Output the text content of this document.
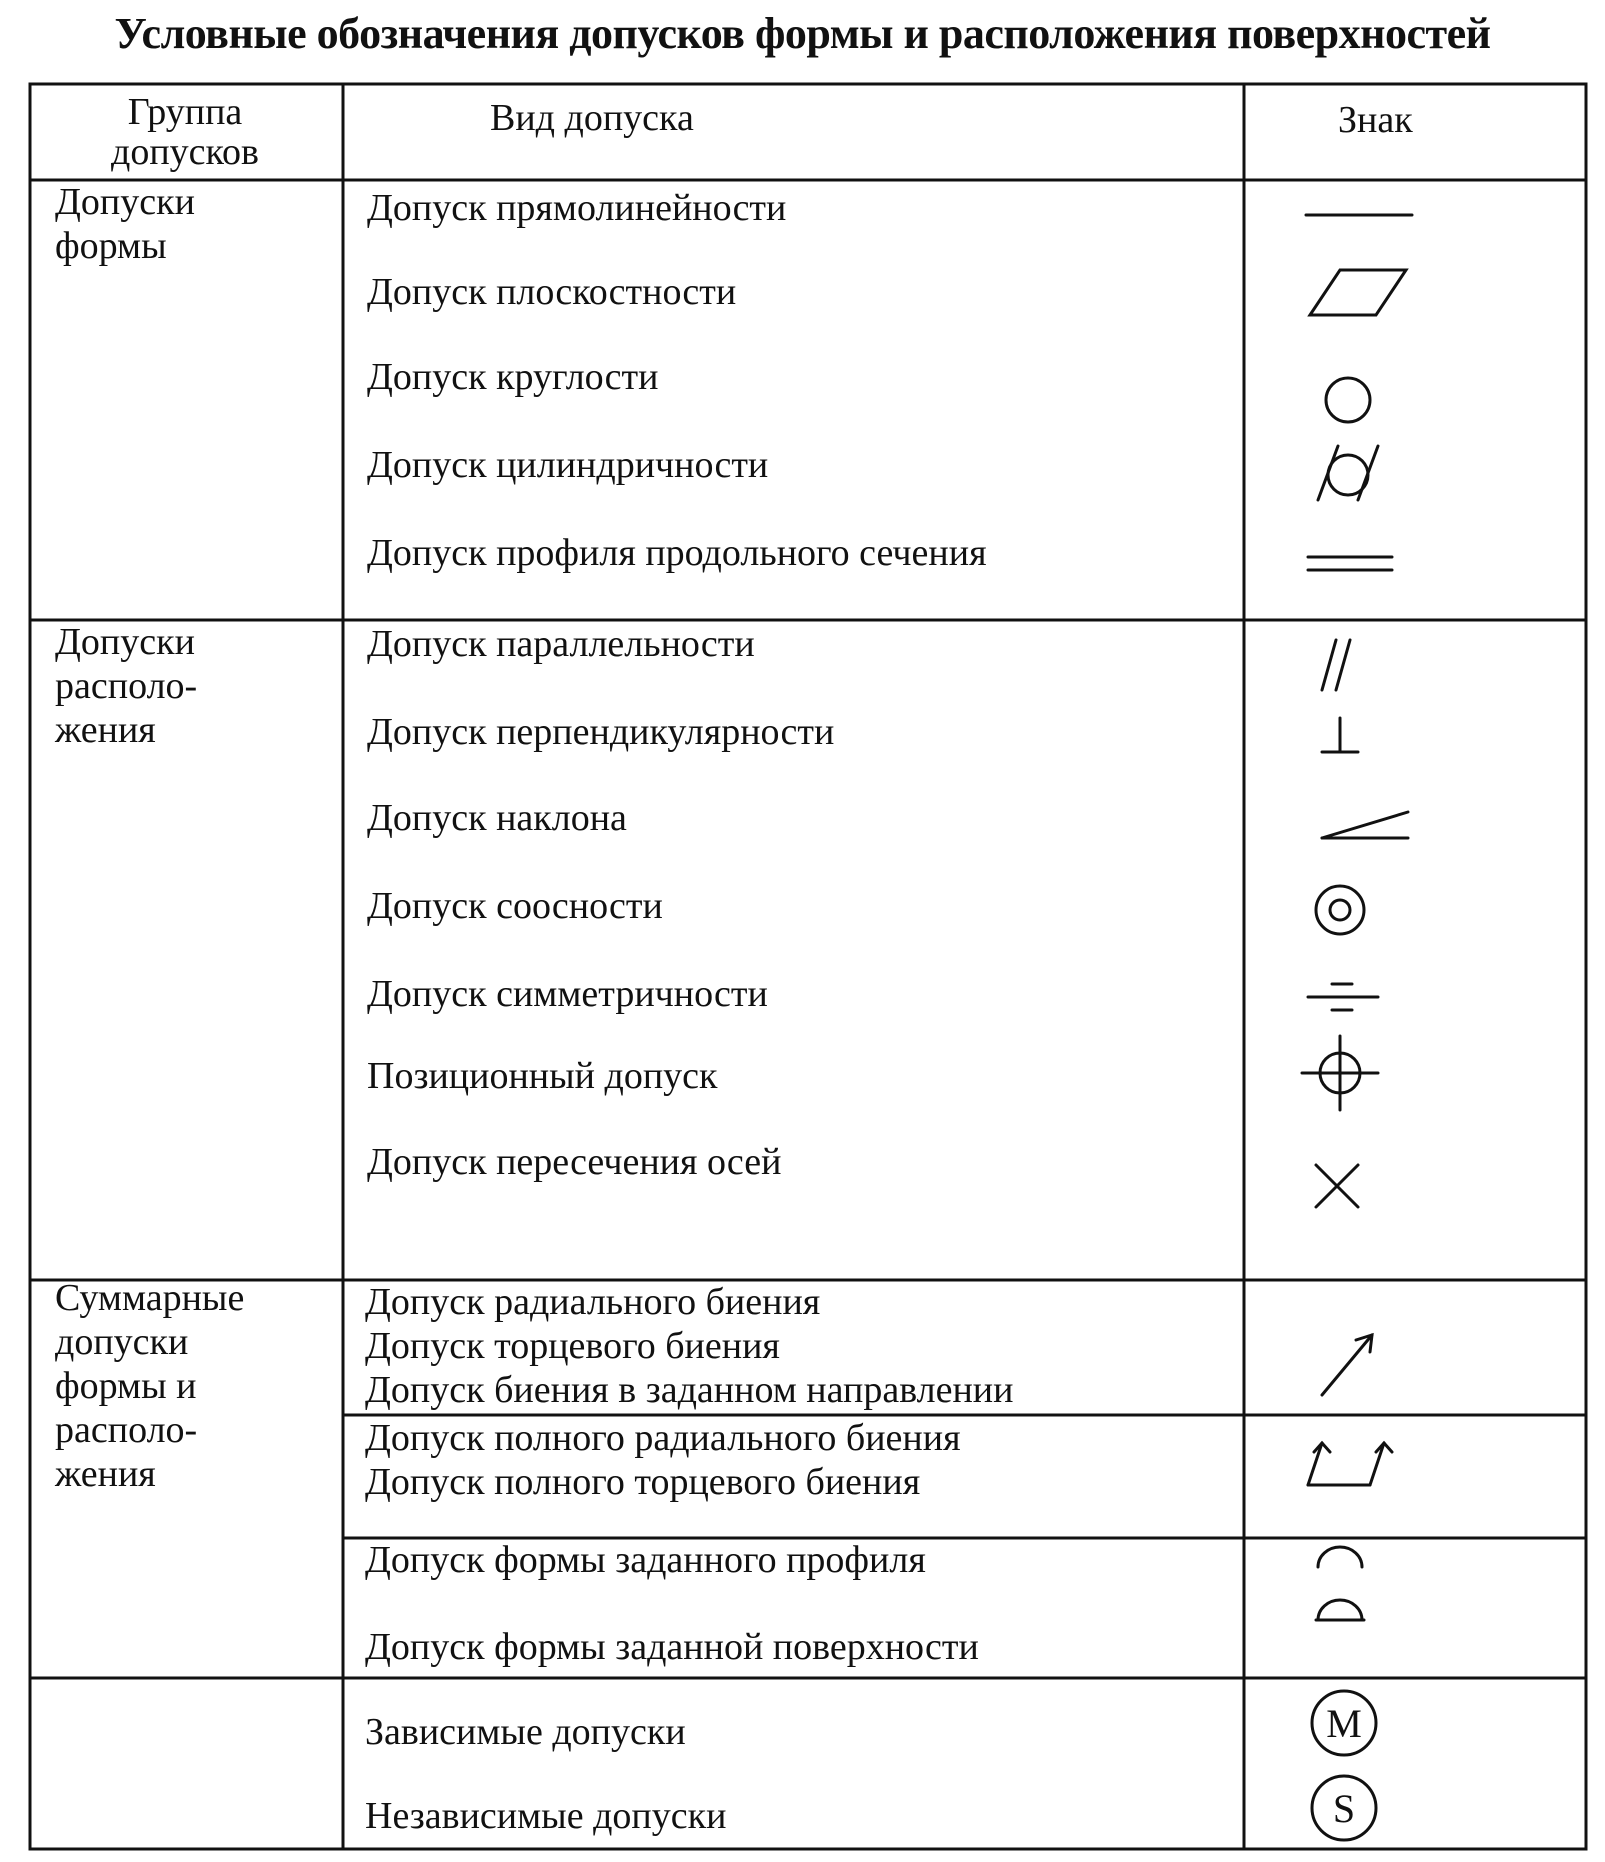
Условные обозначения допусков формы и расположения поверхностей
M
S
Группа
допусков
Вид допуска	Знак
Допуски
формы
Допуски
располо-
жения
Суммарные
допуски
формы и
располо-
жения
Допуск прямолинейности
Допуск плоскостности
Допуск круглости
Допуск цилиндричности
Допуск профиля продольного сечения
Допуск параллельности
Допуск перпендикулярности
Допуск наклона
Допуск соосности
Допуск симметричности
Позиционный допуск
Допуск пересечения осей
Допуск радиального биения
Допуск торцевого биения
Допуск биения в заданном направлении
Допуск полного радиального биения
Допуск полного торцевого биения
Допуск формы заданного профиля
Допуск формы заданной поверхности
Зависимые допуски
Независимые допуски
